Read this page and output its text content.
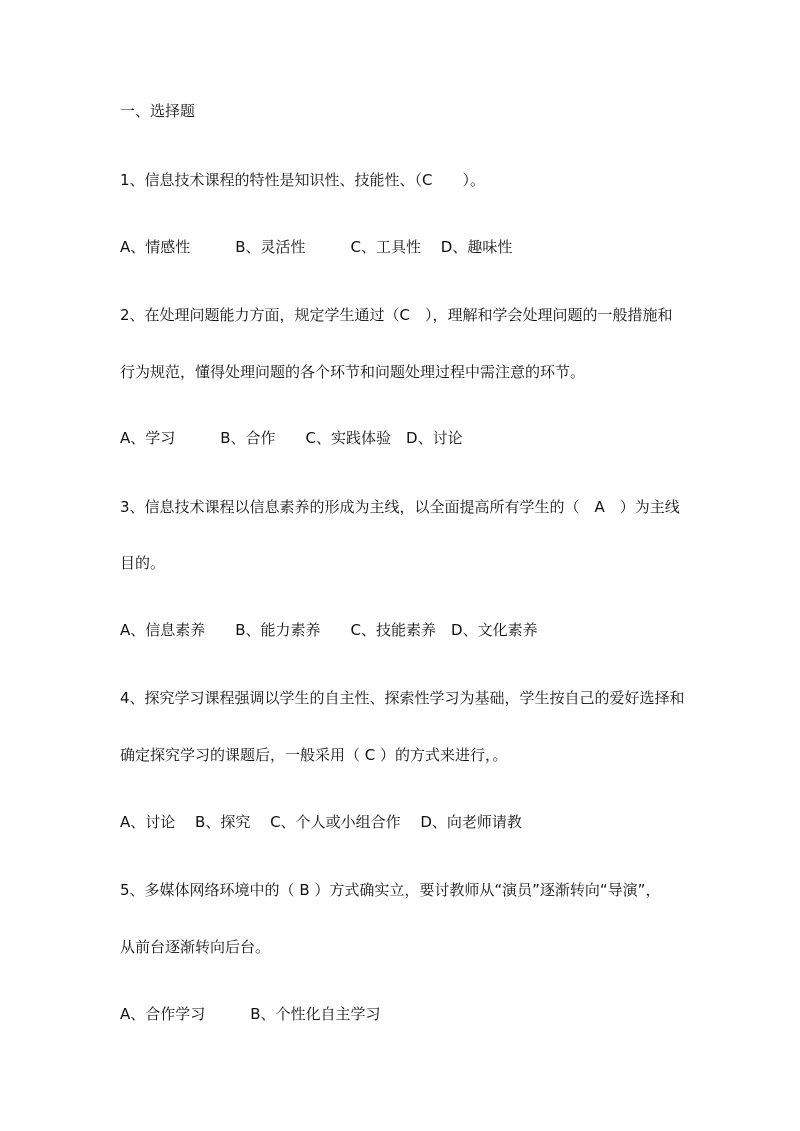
一、选择题
1、信息技术课程的特性是知识性、技能性、（C　　）。
A、情感性　　　B、灵活性　　　C、工具性　 D、趣味性
2、在处理问题能力方面，规定学生通过（C　），理解和学会处理问题的一般措施和
行为规范，懂得处理问题的各个环节和问题处理过程中需注意的环节。
A、学习　　　B、合作　　C、实践体验　D、讨论
3、信息技术课程以信息素养的形成为主线，以全面提高所有学生的（　A　）为主线
目的。
A、信息素养　　B、能力素养　　C、技能素养　D、文化素养
4、探究学习课程强调以学生的自主性、探索性学习为基础，学生按自己的爱好选择和
确定探究学习的课题后，一般采用（ C ）的方式来进行，。
A、讨论　 B、探究　 C、个人或小组合作　 D、向老师请教
5、多媒体网络环境中的（ B ）方式确实立，要讨教师从“演员”逐渐转向“导演”，
从前台逐渐转向后台。
A、合作学习　　　B、个性化自主学习
